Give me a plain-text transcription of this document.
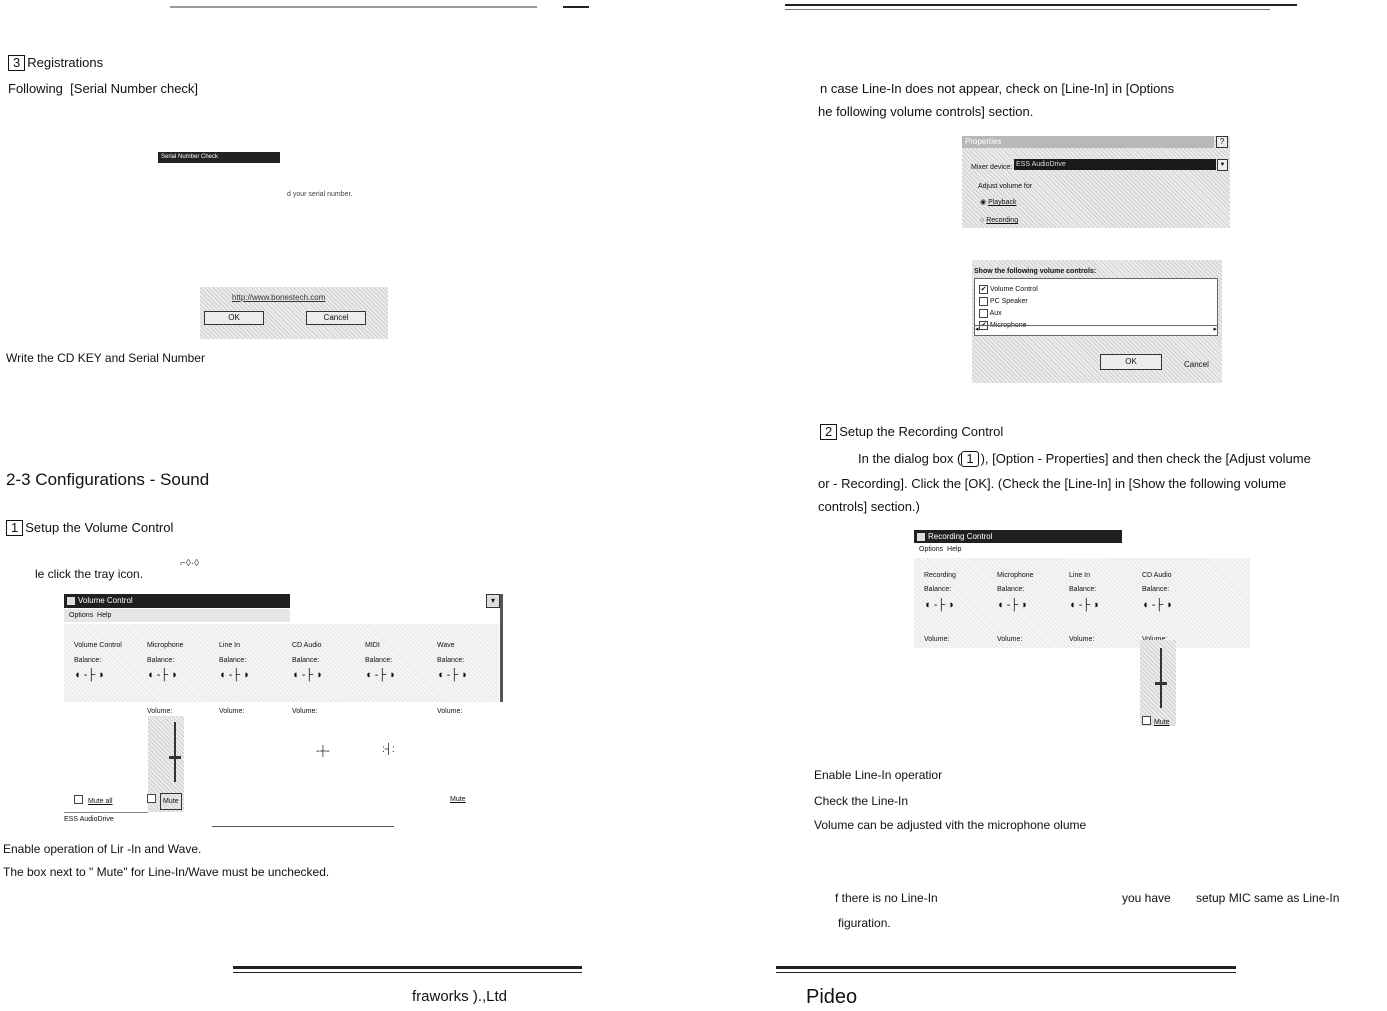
3 Registrations
Following [Serial Number check]
Serial Number Check
d your serial number.
http://www.bonestech.com
OK	Cancel
Write the CD KEY and Serial Number
2-3 Configurations - Sound
1 Setup the Volume Control
le click the tray icon.
⌐◊·◊
Volume Control	▾
Options Help
Volume Control
Balance:
◖ -├ ◗
Microphone
Balance:
◖ -├ ◗
Volume:
Line In
Balance:
◖ -├ ◗
Volume:
CD Audio
Balance:
◖ -├ ◗
Volume:
MIDI
Balance:
◖ -├ ◗
Wave
Balance:
◖ -├ ◗
Volume:
-┼-	:┤:
Mute all	Mute	Mute
ESS AudioDrive
Enable operation of Lir -In and Wave.
The box next to " Mute" for Line-In/Wave must be unchecked.
fraworks ).,Ltd
n case Line-In does not appear, check on [Line-In] in [Options
he following volume controls] section.
Properties	?
Mixer device: ESS AudioDrive	▼
Adjust volume for
◉ Playback
○ Recording
Show the following volume controls:
✔ Volume Control
PC Speaker
Aux
✔ Microphone
◂	▸
OK	Cancel
2 Setup the Recording Control
In the dialog box ( 1 ), [Option - Properties] and then check the [Adjust volume
or - Recording]. Click the [OK]. (Check the [Line-In] in [Show the following volume
controls] section.)
Recording Control
Options Help
Recording
Balance:
◖ -├ ◗
Volume:
Microphone
Balance:
◖ -├ ◗
Volume:
Line In
Balance:
◖ -├ ◗
Volume:
CD Audio
Balance:
◖ -├ ◗
Mute
Enable Line-In operatior
Check the Line-In
Volume can be adjusted vith the microphone olume
f there is no Line-In	you have setup MIC same as Line-In
figuration.
Pideo
